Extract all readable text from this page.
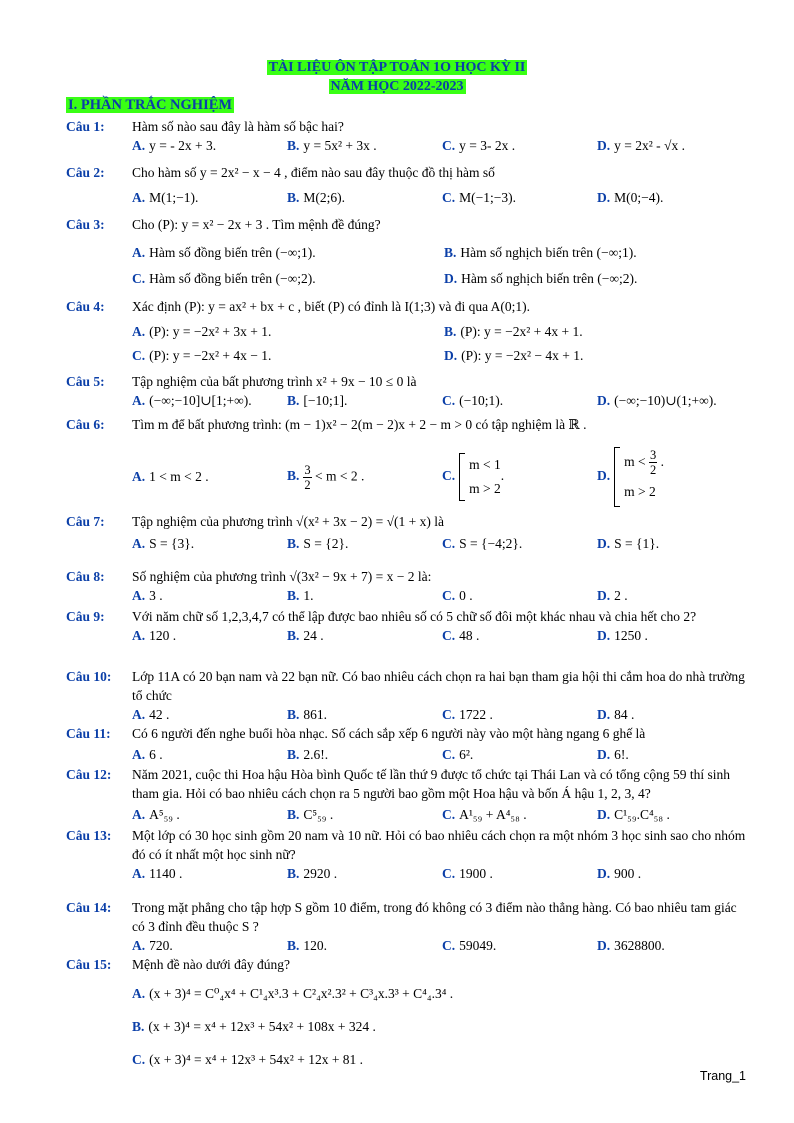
TÀI LIỆU ÔN TẬP TOÁN 1O HỌC KỲ II
NĂM HỌC 2022-2023
I. PHẦN TRẮC NGHIỆM
Câu 1:	Hàm số nào sau đây là hàm số bậc hai?
A. y = - 2x + 3.	B. y = 5x² + 3x .	C. y = 3- 2x .	D. y = 2x² - √x .
Câu 2:	Cho hàm số y = 2x² − x − 4 , điểm nào sau đây thuộc đồ thị hàm số
A. M(1;−1).	B. M(2;6).	C. M(−1;−3).	D. M(0;−4).
Câu 3:	Cho (P): y = x² − 2x + 3 . Tìm mệnh đề đúng?
A. Hàm số đồng biến trên (−∞;1).	B. Hàm số nghịch biến trên (−∞;1).
C. Hàm số đồng biến trên (−∞;2).	D. Hàm số nghịch biến trên (−∞;2).
Câu 4:	Xác định (P): y = ax² + bx + c , biết (P) có đỉnh là I(1;3) và đi qua A(0;1).
A. (P): y = −2x² + 3x + 1.	B. (P): y = −2x² + 4x + 1.
C. (P): y = −2x² + 4x − 1.	D. (P): y = −2x² − 4x + 1.
Câu 5:	Tập nghiệm của bất phương trình x² + 9x − 10 ≤ 0 là
A. (−∞;−10]∪[1;+∞).	B. [−10;1].	C. (−10;1).	D. (−∞;−10)∪(1;+∞).
Câu 6:	Tìm m để bất phương trình: (m − 1)x² − 2(m − 2)x + 2 − m > 0 có tập nghiệm là ℝ .
A. 1 < m < 2 .	B. $\frac{3}{2} < m < 2$ .	C.
m < 1
m > 2
.	D.
$m < \frac{3}{2}$ .
m > 2
Câu 7:	Tập nghiệm của phương trình √(x² + 3x − 2) = √(1 + x) là
A. S = {3}.	B. S = {2}.	C. S = {−4;2}.	D. S = {1}.
Câu 8:	Số nghiệm của phương trình √(3x² − 9x + 7) = x − 2 là:
A. 3 .	B. 1.	C. 0 .	D. 2 .
Câu 9:	Với năm chữ số 1,2,3,4,7 có thể lập được bao nhiêu số có 5 chữ số đôi một khác nhau và chia hết cho 2?
A. 120 .	B. 24 .	C. 48 .	D. 1250 .
Câu 10:	Lớp 11A có 20 bạn nam và 22 bạn nữ. Có bao nhiêu cách chọn ra hai bạn tham gia hội thi cắm hoa do nhà trường tổ chức
A. 42 .	B. 861.	C. 1722 .	D. 84 .
Câu 11:	Có 6 người đến nghe buổi hòa nhạc. Số cách sắp xếp 6 người này vào một hàng ngang 6 ghế là
A. 6 .	B. 2.6!.	C. 6².	D. 6!.
Câu 12:	Năm 2021, cuộc thi Hoa hậu Hòa bình Quốc tế lần thứ 9 được tổ chức tại Thái Lan và có tổng cộng 59 thí sinh tham gia. Hỏi có bao nhiêu cách chọn ra 5 người bao gồm một Hoa hậu và bốn Á hậu 1, 2, 3, 4?
A. A⁵₅₉ .	B. C⁵₅₉ .	C. A¹₅₉ + A⁴₅₈ .	D. C¹₅₉.C⁴₅₈ .
Câu 13:	Một lớp có 30 học sinh gồm 20 nam và 10 nữ. Hỏi có bao nhiêu cách chọn ra một nhóm 3 học sinh sao cho nhóm đó có ít nhất một học sinh nữ?
A. 1140 .	B. 2920 .	C. 1900 .	D. 900 .
Câu 14:	Trong mặt phẳng cho tập hợp S gồm 10 điểm, trong đó không có 3 điểm nào thẳng hàng. Có bao nhiêu tam giác có 3 đỉnh đều thuộc S ?
A. 720.	B. 120.	C. 59049.	D. 3628800.
Câu 15:	Mệnh đề nào dưới đây đúng?
A. (x + 3)⁴ = C⁰₄x⁴ + C¹₄x³.3 + C²₄x².3² + C³₄x.3³ + C⁴₄.3⁴ .
B. (x + 3)⁴ = x⁴ + 12x³ + 54x² + 108x + 324 .
C. (x + 3)⁴ = x⁴ + 12x³ + 54x² + 12x + 81 .
Trang_1
